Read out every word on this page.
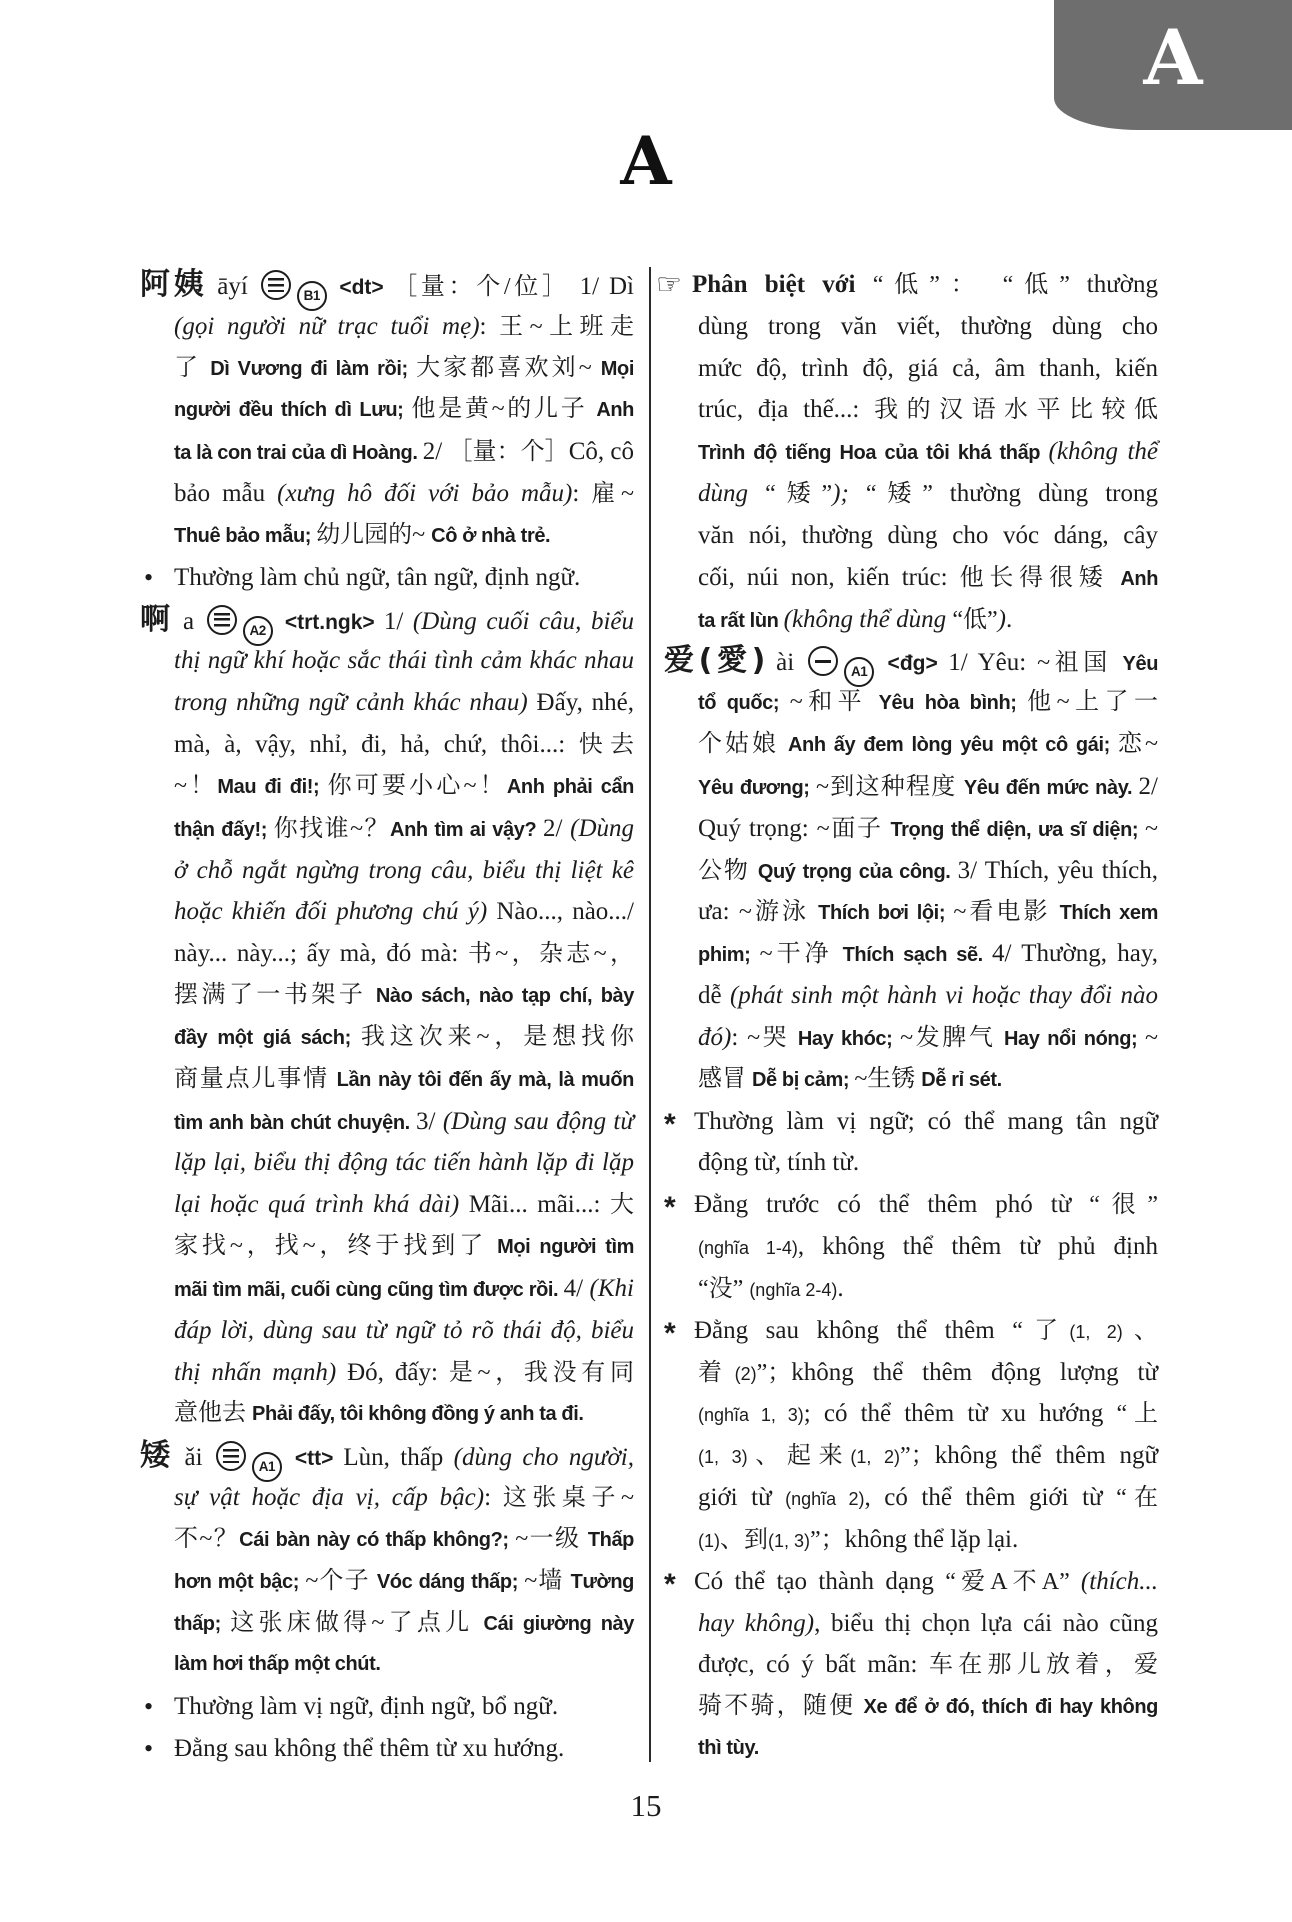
A
A
阿姨 āyí	B1 <dt> ［量：个/位］ 1/ Dì
(gọi người nữ trạc tuổi mẹ): 王~上班走
了 Dì Vương đi làm rồi; 大家都喜欢刘~ Mọi
người đều thích dì Lưu; 他是黄~的儿子 Anh
ta là con trai của dì Hoàng. 2/ ［量：个］Cô, cô
bảo mẫu (xưng hô đối với bảo mẫu): 雇~
Thuê bảo mẫu; 幼儿园的~ Cô ở nhà trẻ.
• Thường làm chủ ngữ, tân ngữ, định ngữ.
啊 a	A2 <trt.ngk> 1/ (Dùng cuối câu, biểu
thị ngữ khí hoặc sắc thái tình cảm khác nhau
trong những ngữ cảnh khác nhau) Đấy, nhé,
mà, à, vậy, nhỉ, đi, hả, chứ, thôi...: 快去
~！Mau đi đi!; 你可要小心~！Anh phải cẩn
thận đấy!; 你找谁~？Anh tìm ai vậy? 2/ (Dùng
ở chỗ ngắt ngừng trong câu, biểu thị liệt kê
hoặc khiến đối phương chú ý) Nào..., nào.../
này... này...; ấy mà, đó mà: 书~，杂志~，
摆满了一书架子 Nào sách, nào tạp chí, bày
đầy một giá sách; 我这次来~，是想找你
商量点儿事情 Lần này tôi đến ấy mà, là muốn
tìm anh bàn chút chuyện. 3/ (Dùng sau động từ
lặp lại, biểu thị động tác tiến hành lặp đi lặp
lại hoặc quá trình khá dài) Mãi... mãi...: 大
家找~，找~，终于找到了 Mọi người tìm
mãi tìm mãi, cuối cùng cũng tìm được rồi. 4/ (Khi
đáp lời, dùng sau từ ngữ tỏ rõ thái độ, biểu
thị nhấn mạnh) Đó, đấy: 是~，我没有同
意他去 Phải đấy, tôi không đồng ý anh ta đi.
矮 ǎi	A1 <tt> Lùn, thấp (dùng cho người,
sự vật hoặc địa vị, cấp bậc): 这张桌子~
不~？Cái bàn này có thấp không?; ~一级 Thấp
hơn một bậc; ~个子 Vóc dáng thấp; ~墙 Tường
thấp; 这张床做得~了点儿 Cái giường này
làm hơi thấp một chút.
• Thường làm vị ngữ, định ngữ, bổ ngữ.
• Đằng sau không thể thêm từ xu hướng.
☞ Phân biệt với “低”： “低” thường
dùng trong văn viết, thường dùng cho
mức độ, trình độ, giá cả, âm thanh, kiến
trúc, địa thế...: 我的汉语水平比较低
Trình độ tiếng Hoa của tôi khá thấp (không thể
dùng “矮”); “矮” thường dùng trong
văn nói, thường dùng cho vóc dáng, cây
cối, núi non, kiến trúc: 他长得很矮 Anh
ta rất lùn (không thể dùng “低”).
爱(愛) ài	A1 <đg> 1/ Yêu: ~祖国 Yêu
tổ quốc; ~和平 Yêu hòa bình; 他~上了一
个姑娘 Anh ấy đem lòng yêu một cô gái; 恋~
Yêu đương; ~到这种程度 Yêu đến mức này. 2/
Quý trọng: ~面子 Trọng thể diện, ưa sĩ diện; ~
公物 Quý trọng của công. 3/ Thích, yêu thích,
ưa: ~游泳 Thích bơi lội; ~看电影 Thích xem
phim; ~干净 Thích sạch sẽ. 4/ Thường, hay,
dễ (phát sinh một hành vi hoặc thay đổi nào
đó): ~哭 Hay khóc; ~发脾气 Hay nổi nóng; ~
感冒 Dễ bị cảm; ~生锈 Dễ rỉ sét.
* Thường làm vị ngữ; có thể mang tân ngữ
động từ, tính từ.
* Đằng trước có thể thêm phó từ “很”
(nghĩa 1-4), không thể thêm từ phủ định
“没” (nghĩa 2-4).
* Đằng sau không thể thêm “了(1, 2)、
着(2)”；không thể thêm động lượng từ
(nghĩa 1, 3); có thể thêm từ xu hướng “上
(1, 3)、起来(1, 2)”；không thể thêm ngữ
giới từ (nghĩa 2), có thể thêm giới từ “在
(1)、到(1, 3)”；không thể lặp lại.
* Có thể tạo thành dạng “爱A不A” (thích...
hay không), biểu thị chọn lựa cái nào cũng
được, có ý bất mãn: 车在那儿放着，爱
骑不骑，随便 Xe để ở đó, thích đi hay không
thì tùy.
15
